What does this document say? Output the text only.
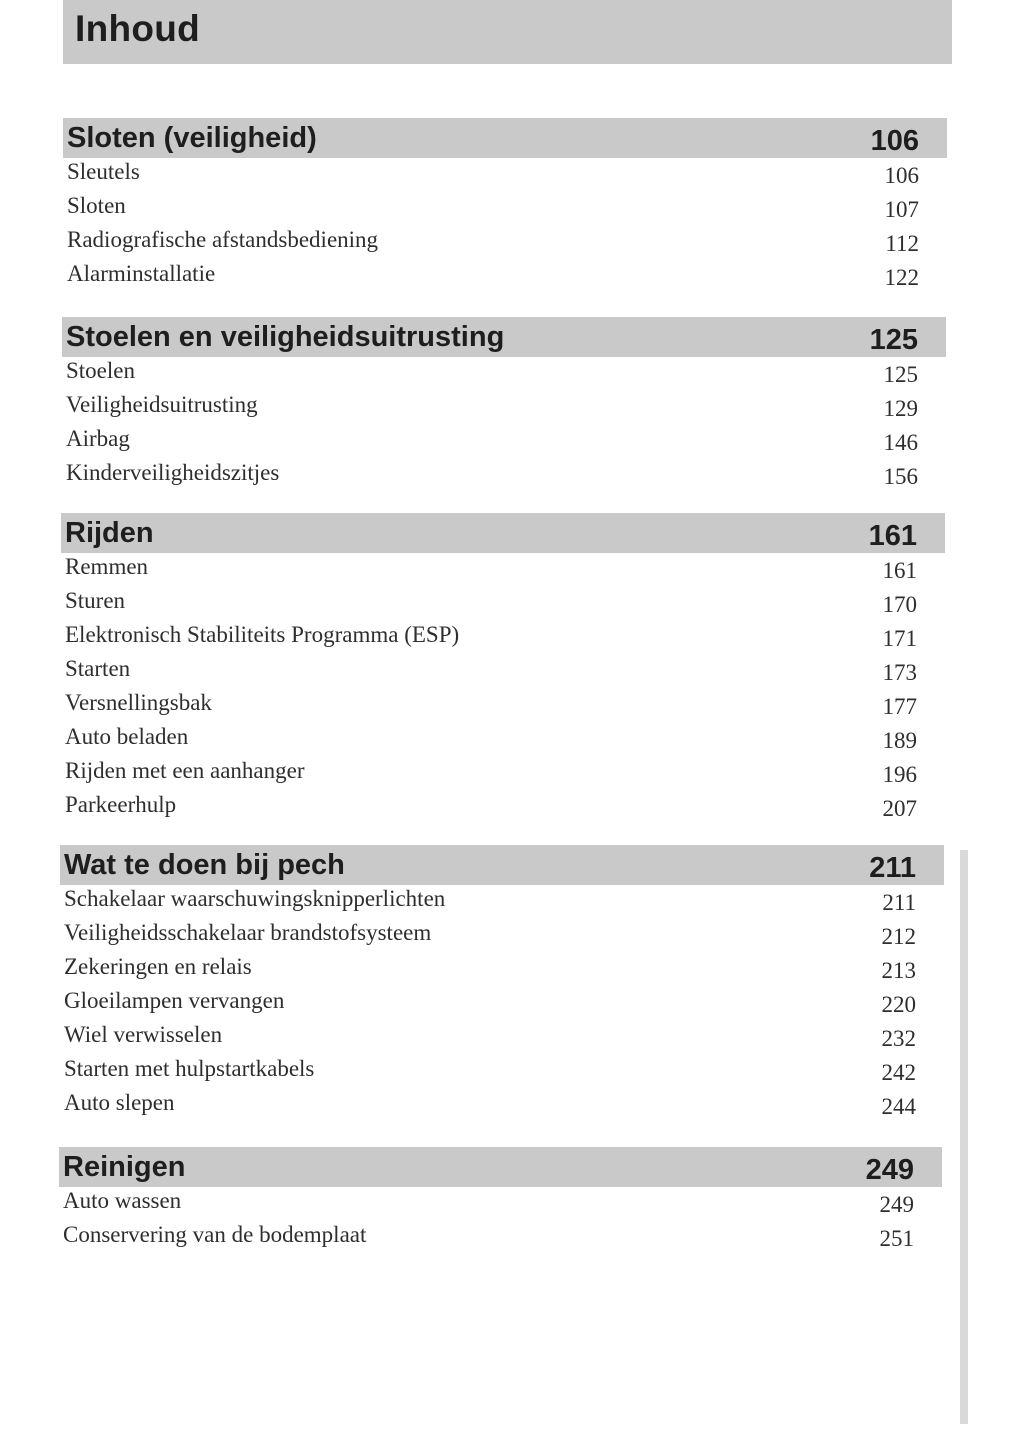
Inhoud
Sloten (veiligheid)	106
Sleutels	106
Sloten	107
Radiografische afstandsbediening	112
Alarminstallatie	122
Stoelen en veiligheidsuitrusting	125
Stoelen	125
Veiligheidsuitrusting	129
Airbag	146
Kinderveiligheidszitjes	156
Rijden	161
Remmen	161
Sturen	170
Elektronisch Stabiliteits Programma (ESP)	171
Starten	173
Versnellingsbak	177
Auto beladen	189
Rijden met een aanhanger	196
Parkeerhulp	207
Wat te doen bij pech	211
Schakelaar waarschuwingsknipperlichten	211
Veiligheidsschakelaar brandstofsysteem	212
Zekeringen en relais	213
Gloeilampen vervangen	220
Wiel verwisselen	232
Starten met hulpstartkabels	242
Auto slepen	244
Reinigen	249
Auto wassen	249
Conservering van de bodemplaat	251
